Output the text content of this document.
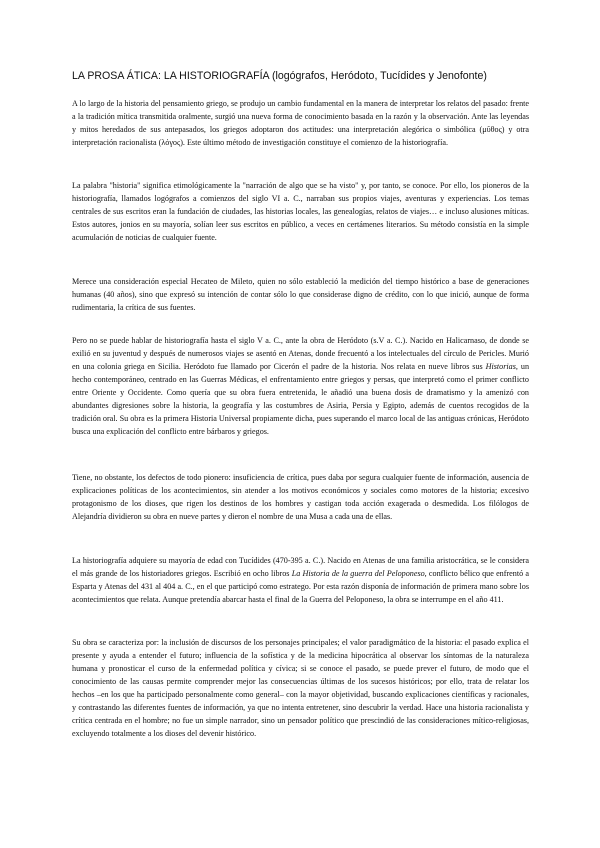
LA PROSA ÁTICA: LA HISTORIOGRAFÍA (logógrafos, Heródoto, Tucídides y Jenofonte)

A lo largo de la historia del pensamiento griego, se produjo un cambio fundamental en la manera de interpretar los relatos del pasado: frente a la tradición mítica transmitida oralmente, surgió una nueva forma de conocimiento basada en la razón y la observación. Ante las leyendas y mitos heredados de sus antepasados, los griegos adoptaron dos actitudes: una interpretación alegórica o simbólica (μῦθος) y otra interpretación racionalista (λόγος). Este último método de investigación constituye el comienzo de la historiografía.

La palabra "historia" significa etimológicamente la "narración de algo que se ha visto" y, por tanto, se conoce. Por ello, los pioneros de la historiografía, llamados logógrafos a comienzos del siglo VI a. C., narraban sus propios viajes, aventuras y experiencias. Los temas centrales de sus escritos eran la fundación de ciudades, las historias locales, las genealogías, relatos de viajes… e incluso alusiones míticas. Estos autores, jonios en su mayoría, solían leer sus escritos en público, a veces en certámenes literarios. Su método consistía en la simple acumulación de noticias de cualquier fuente.

Merece una consideración especial Hecateo de Mileto, quien no sólo estableció la medición del tiempo histórico a base de generaciones humanas (40 años), sino que expresó su intención de contar sólo lo que considerase digno de crédito, con lo que inició, aunque de forma rudimentaria, la crítica de sus fuentes.

Pero no se puede hablar de historiografía hasta el siglo V a. C., ante la obra de Heródoto (s.V a. C.). Nacido en Halicarnaso, de donde se exilió en su juventud y después de numerosos viajes se asentó en Atenas, donde frecuentó a los intelectuales del círculo de Pericles. Murió en una colonia griega en Sicilia. Heródoto fue llamado por Cicerón el padre de la historia. Nos relata en nueve libros sus Historias, un hecho contemporáneo, centrado en las Guerras Médicas, el enfrentamiento entre griegos y persas, que interpretó como el primer conflicto entre Oriente y Occidente. Como quería que su obra fuera entretenida, le añadió una buena dosis de dramatismo y la amenizó con abundantes digresiones sobre la historia, la geografía y las costumbres de Asiria, Persia y Egipto, además de cuentos recogidos de la tradición oral. Su obra es la primera Historia Universal propiamente dicha, pues superando el marco local de las antiguas crónicas, Heródoto busca una explicación del conflicto entre bárbaros y griegos.

Tiene, no obstante, los defectos de todo pionero: insuficiencia de crítica, pues daba por segura cualquier fuente de información, ausencia de explicaciones políticas de los acontecimientos, sin atender a los motivos económicos y sociales como motores de la historia; excesivo protagonismo de los dioses, que rigen los destinos de los hombres y castigan toda acción exagerada o desmedida. Los filólogos de Alejandría dividieron su obra en nueve partes y dieron el nombre de una Musa a cada una de ellas.

La historiografía adquiere su mayoría de edad con Tucídides (470-395 a. C.). Nacido en Atenas de una familia aristocrática, se le considera el más grande de los historiadores griegos. Escribió en ocho libros La Historia de la guerra del Peloponeso, conflicto bélico que enfrentó a Esparta y Atenas del 431 al 404 a. C., en el que participó como estratego. Por esta razón disponía de información de primera mano sobre los acontecimientos que relata. Aunque pretendía abarcar hasta el final de la Guerra del Peloponeso, la obra se interrumpe en el año 411.

Su obra se caracteriza por: la inclusión de discursos de los personajes principales; el valor paradigmático de la historia: el pasado explica el presente y ayuda a entender el futuro; influencia de la sofística y de la medicina hipocrática al observar los síntomas de la naturaleza humana y pronosticar el curso de la enfermedad política y cívica; si se conoce el pasado, se puede prever el futuro, de modo que el conocimiento de las causas permite comprender mejor las consecuencias últimas de los sucesos históricos; por ello, trata de relatar los hechos –en los que ha participado personalmente como general– con la mayor objetividad, buscando explicaciones científicas y racionales, y contrastando las diferentes fuentes de información, ya que no intenta entretener, sino descubrir la verdad. Hace una historia racionalista y crítica centrada en el hombre; no fue un simple narrador, sino un pensador político que prescindió de las consideraciones mítico-religiosas, excluyendo totalmente a los dioses del devenir histórico.
